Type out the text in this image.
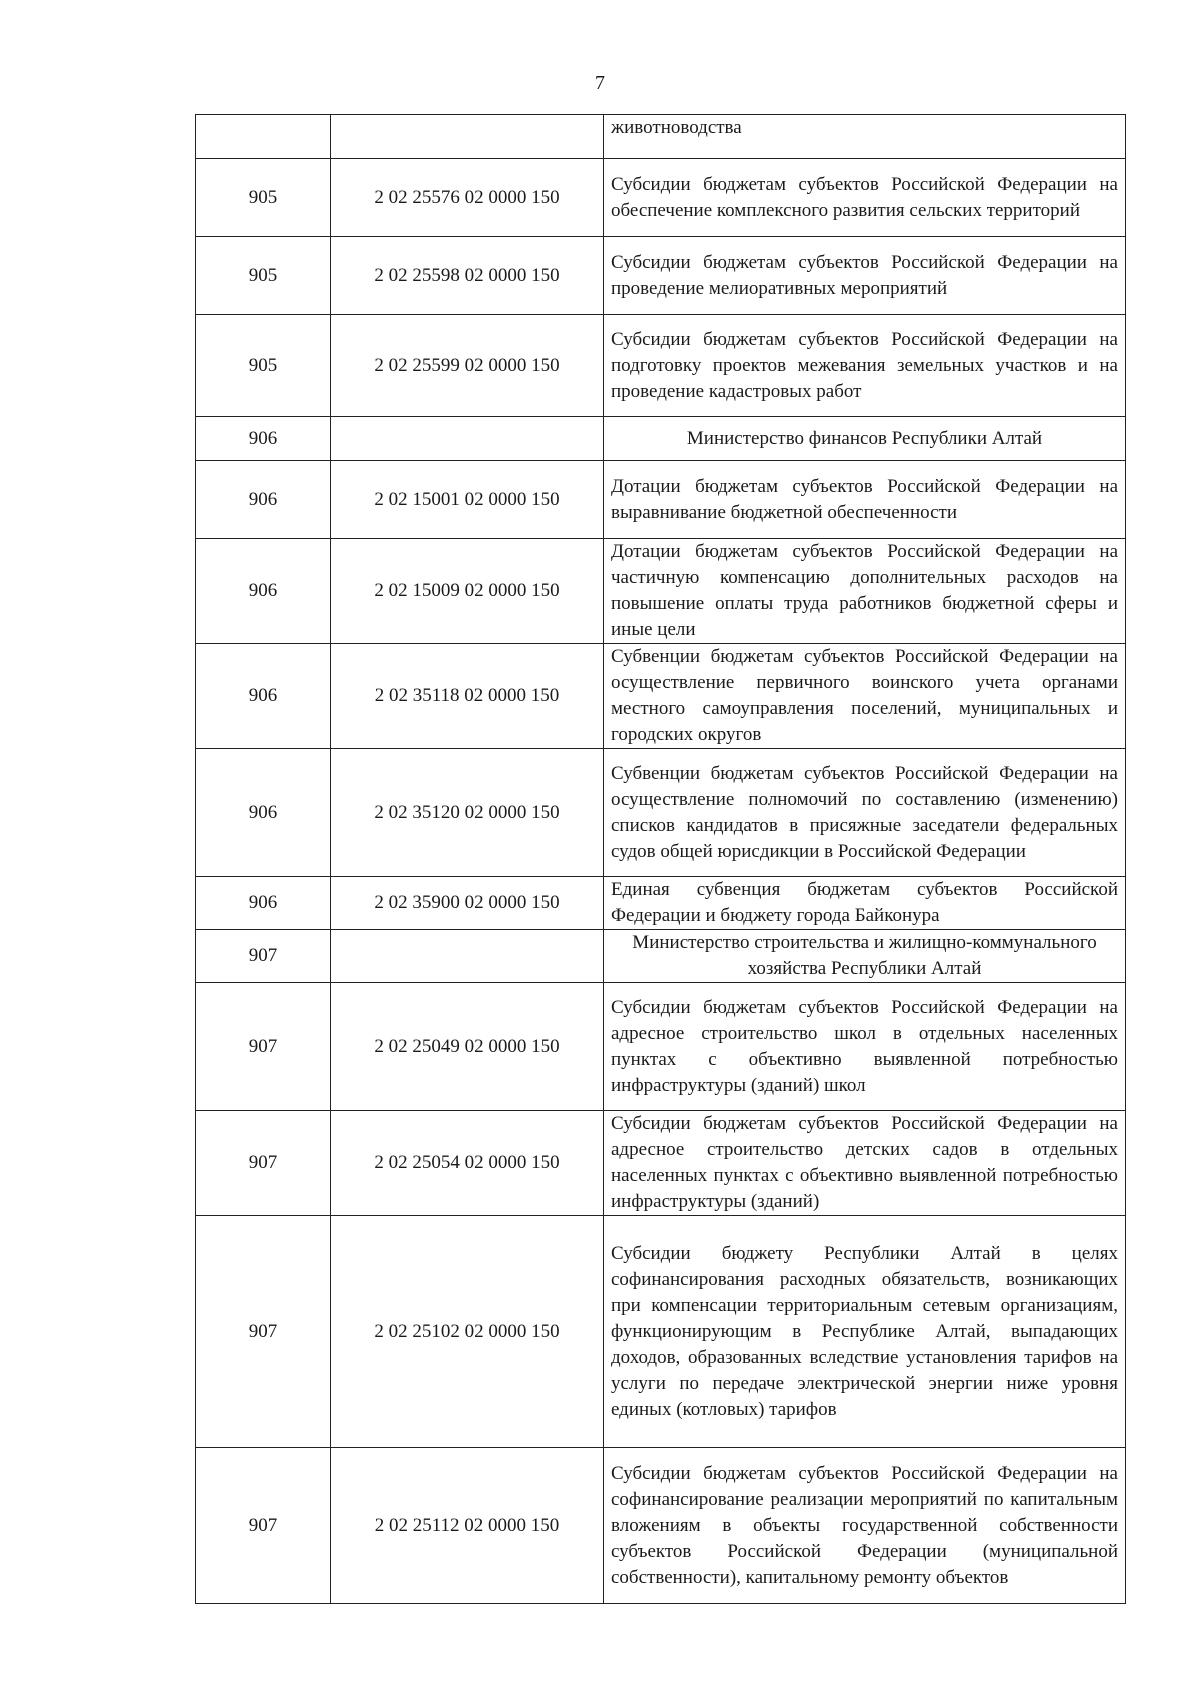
7
		животноводства
905	2 02 25576 02 0000 150	Субсидии бюджетам субъектов Российской Федерации на обеспечение комплексного развития сельских территорий
905	2 02 25598 02 0000 150	Субсидии бюджетам субъектов Российской Федерации на проведение мелиоративных мероприятий
905	2 02 25599 02 0000 150	Субсидии бюджетам субъектов Российской Федерации на подготовку проектов межевания земельных участков и на проведение кадастровых работ
906		Министерство финансов Республики Алтай
906	2 02 15001 02 0000 150	Дотации бюджетам субъектов Российской Федерации на выравнивание бюджетной обеспеченности
906	2 02 15009 02 0000 150	Дотации бюджетам субъектов Российской Федерации на частичную компенсацию дополнительных расходов на повышение оплаты труда работников бюджетной сферы и иные цели
906	2 02 35118 02 0000 150	Субвенции бюджетам субъектов Российской Федерации на осуществление первичного воинского учета органами местного самоуправления поселений, муниципальных и городских округов
906	2 02 35120 02 0000 150	Субвенции бюджетам субъектов Российской Федерации на осуществление полномочий по составлению (изменению) списков кандидатов в присяжные заседатели федеральных судов общей юрисдикции в Российской Федерации
906	2 02 35900 02 0000 150	Единая субвенция бюджетам субъектов Российской Федерации и бюджету города Байконура
907		Министерство строительства и жилищно-коммунального хозяйства Республики Алтай
907	2 02 25049 02 0000 150	Субсидии бюджетам субъектов Российской Федерации на адресное строительство школ в отдельных населенных пунктах с объективно выявленной потребностью инфраструктуры (зданий) школ
907	2 02 25054 02 0000 150	Субсидии бюджетам субъектов Российской Федерации на адресное строительство детских садов в отдельных населенных пунктах с объективно выявленной потребностью инфраструктуры (зданий)
907	2 02 25102 02 0000 150	Субсидии бюджету Республики Алтай в целях софинансирования расходных обязательств, возникающих при компенсации территориальным сетевым организациям, функционирующим в Республике Алтай, выпадающих доходов, образованных вследствие установления тарифов на услуги по передаче электрической энергии ниже уровня единых (котловых) тарифов
907	2 02 25112 02 0000 150	Субсидии бюджетам субъектов Российской Федерации на софинансирование реализации мероприятий по капитальным вложениям в объекты государственной собственности субъектов Российской Федерации (муниципальной собственности), капитальному ремонту объектов
